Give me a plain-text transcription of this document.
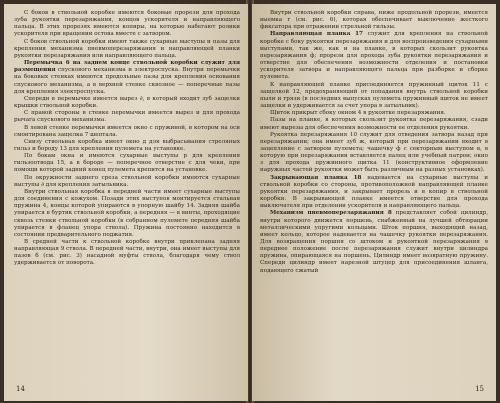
С боков в ствольной коробке имеются боковые прорези для прохода зуба рукоятки перезаряжания, концов ускорителя и направляющего пальца. В этих прорезях имеются копиры, на которые набегают ролики ускорителя при вращении остова вместе с затвором.

С боков ствольной коробки имеют также сухарные выступы и пазы для крепления механизма пневмоперезаряжания и направляющей планки рукоятки перезаряжания или направляющего пальца.

Перемычка 6 на заднем конце ствольной коробки служит для размещения спускового механизма и электроспуска. Внутри перемычки на боковых стенках имеются продольные пазы для крепления основания спускового механизма, а в верхней стенке сквозное — поперечные пазы для крепления электроспуска.

Спереди в перемычке имеется вырез ∂, в который входит зуб защелки крышки ствольной коробки.

С правой стороны в стенке перемычки имеется вырез и для прохода рычага спускового механизма.

В левой стенке перемычки имеется окно с пружиной, в котором на оси смонтирована защелка 7 шептала.

Снизу ствольная коробка имеет окно д для выбрасывания стреляных гильз и бороду 13 для крепления пулемета на установке.

По бокам окна и имеются сухарные выступы р для крепления гильзоотвода 15, а в бороде — поперечное отверстие с для чеки, при помощи которой задний конец пулемета крепится на установке.

По окружности заднего среза ствольной коробки имеются сухарные выступы ∂ для крепления затыльника.

Внутри ствольная коробка в передней части имеет сухарные выступы для соединения с кожухом. Позади этих выступов монтируется стальная пружина 4, концы которой упираются в упорную шайбу 14. Задняя шайба упирается в буртик ствольной коробки, а передняя — в винты, проходящие сквозь стенки ствольной коробки (в собранном пулемете передняя шайба упирается в фланец упора ствола). Пружина постоянно находится в состоянии предварительного поджатия.

В средней части к ствольной коробке внутри приклепана задняя направляющая 9 ствола. В передней части, внутри, она имеет выступы для пазов б (см. рис. 3) насадной муфты ствола, благодаря чему ствол удерживается от поворота.

14

Внутри ствольной коробки справа, ниже продольной прорези, имеется выемка г (см. рис. 6), которая обеспечивает выключение жесткого фиксатора при отражении стрельной гильзы.

Направляющая планка 17 служит для крепления на ствольной коробке с боку рукоятки перезаряжания и для воспроизведения сухарными выступами, так же, как и на планке, в которых скользит рукоятка перезаряжания ф; прорези для прохода зуба рукоятки перезаряжания и отверстие для обеспечения возможности отделения и постановки ускорителя затвора и направляющего пальца при разборке и сборке пулемета.

К направляющей планке присоединяется пружинный щиток 11 с защелкой 12, предохраняющий от попадания внутрь ствольной коробки пыли и грязи (в последних выпусках пулемета пружинный щиток не имеет защелки и удерживается за счет упора в затыльник).

Щиток прикрыт сбоку окном 4 в рукоятке перезаряжания.

Пазы на планке, в которых скользит рукоятка перезаряжания, сзади имеют вырезы для обеспечения возможности ее отделения рукоятки.

Рукоятка перезаряжания 10 служит для отведения затвора назад при перезаряжании; она имеет зуб ж, который при перезаряжании входит в зацепление с затвором пулемета; чашечку ф с секторным выступом в, в которую при перезаряжании вставляется палец или учебный патрон; окно з для прохода пружинного щитка 11 (конструктивное оформление наружных частей рукоятки может быть различным на разных установках).

Закрывающая планка 18 надевается на сухарные выступы и ствольной коробки со стороны, противоположной направляющей планке рукоятки перезаряжания, и закрывает прорезь и в копир в ствольной коробки. В закрывающей планке имеется отверстие для прохода выключателя при отделении ускорителя и направляющего пальца.

Механизм пневмоперезаряжания 8 представляет собой цилиндр, внутри которого движется поршень, снабженный на лучшей обтюрации металлическими упругими кольцами. Шток поршня, выходящий назад, имеет кольцо, которое надевается на чашечку рукоятки перезаряжания. Для возвращения поршня со штоком и рукояткой перезаряжания в переднее положение после перезаряжания служит внутри цилиндра пружина, опирающаяся на поршень. Цилиндр имеет возвратную пружину. Спереди цилиндр имеет нарезной штуцер для присоединения шланга, подающего сжатый

15
